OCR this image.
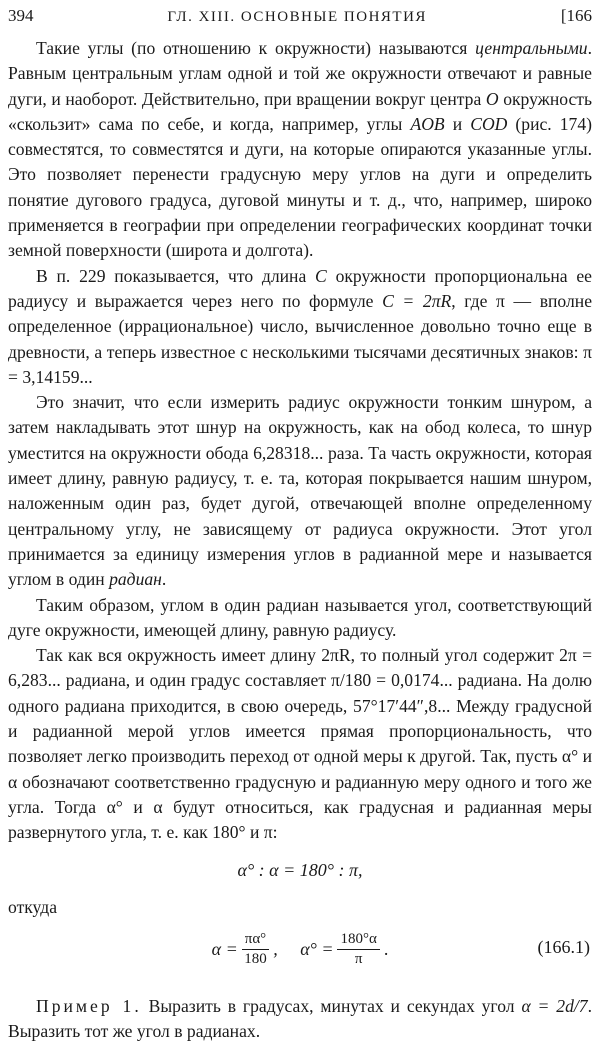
394	ГЛ. XIII. ОСНОВНЫЕ ПОНЯТИЯ	[166

Такие углы (по отношению к окружности) называются центральными. Равным центральным углам одной и той же окружности отвечают и равные дуги, и наоборот. Действительно, при вращении вокруг центра O окружность «скользит» сама по себе, и когда, например, углы AOB и COD (рис. 174) совместятся, то совместятся и дуги, на которые опираются указанные углы. Это позволяет перенести градусную меру углов на дуги и определить понятие дугового градуса, дуговой минуты и т. д., что, например, широко применяется в географии при определении географических координат точки земной поверхности (широта и долгота).

В п. 229 показывается, что длина C окружности пропорциональна ее радиусу и выражается через него по формуле C = 2πR, где π — вполне определенное (иррациональное) число, вычисленное довольно точно еще в древности, а теперь известное с несколькими тысячами десятичных знаков: π = 3,14159...

Это значит, что если измерить радиус окружности тонким шнуром, а затем накладывать этот шнур на окружность, как на обод колеса, то шнур уместится на окружности обода 6,28318... раза. Та часть окружности, которая имеет длину, равную радиусу, т. е. та, которая покрывается нашим шнуром, наложенным один раз, будет дугой, отвечающей вполне определенному центральному углу, не зависящему от радиуса окружности. Этот угол принимается за единицу измерения углов в радианной мере и называется углом в один радиан.

Таким образом, углом в один радиан называется угол, соответствующий дуге окружности, имеющей длину, равную радиусу.

Так как вся окружность имеет длину 2πR, то полный угол содержит 2π = 6,283... радиана, и один градус составляет π/180 = 0,0174... радиана. На долю одного радиана приходится, в свою очередь, 57°17′44″,8... Между градусной и радианной мерой углов имеется прямая пропорциональность, что позволяет легко производить переход от одной меры к другой. Так, пусть α° и α обозначают соответственно градусную и радианную меру одного и того же угла. Тогда α° и α будут относиться, как градусная и радианная меры развернутого угла, т. е. как 180° и π:

α° : α = 180° : π,
откуда
$\alpha = \frac{\pi\alpha^\circ}{180}$ ,     $\alpha^\circ = \frac{180^\circ\alpha}{\pi}$ .	(166.1)
Пример 1. Выразить в градусах, минутах и секундах угол α = 2d/7. Выразить тот же угол в радианах.
